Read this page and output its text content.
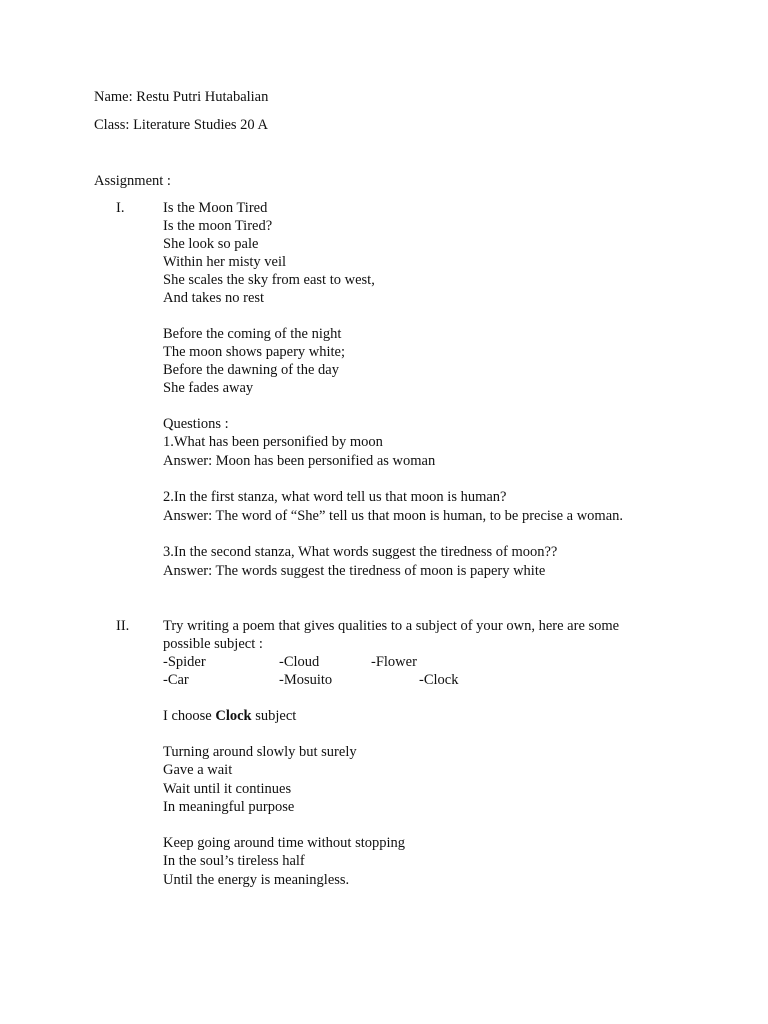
Name: Restu Putri Hutabalian
Class: Literature Studies 20 A
Assignment :
I.	Is the Moon Tired
Is the moon Tired?
She look so pale
Within her misty veil
She scales the sky from east to west,
And takes no rest
Before the coming of the night
The moon shows papery white;
Before the dawning of the day
She fades away
Questions :
1.What has been personified by moon
Answer: Moon has been personified as woman
2.In the first stanza, what word tell us that moon is human?
Answer: The word of “She” tell us that moon is human, to be precise a woman.
3.In the second stanza, What words suggest the tiredness of moon??
Answer: The words suggest the tiredness of moon is papery white
II. Try writing a poem that gives qualities to a subject of your own, here are some
possible subject :
-Spider	-Cloud	-Flower
-Car	-Mosuito	-Clock
I choose Clock subject
Turning around slowly but surely
Gave a wait
Wait until it continues
In meaningful purpose
Keep going around time without stopping
In the soul’s tireless half
Until the energy is meaningless.
